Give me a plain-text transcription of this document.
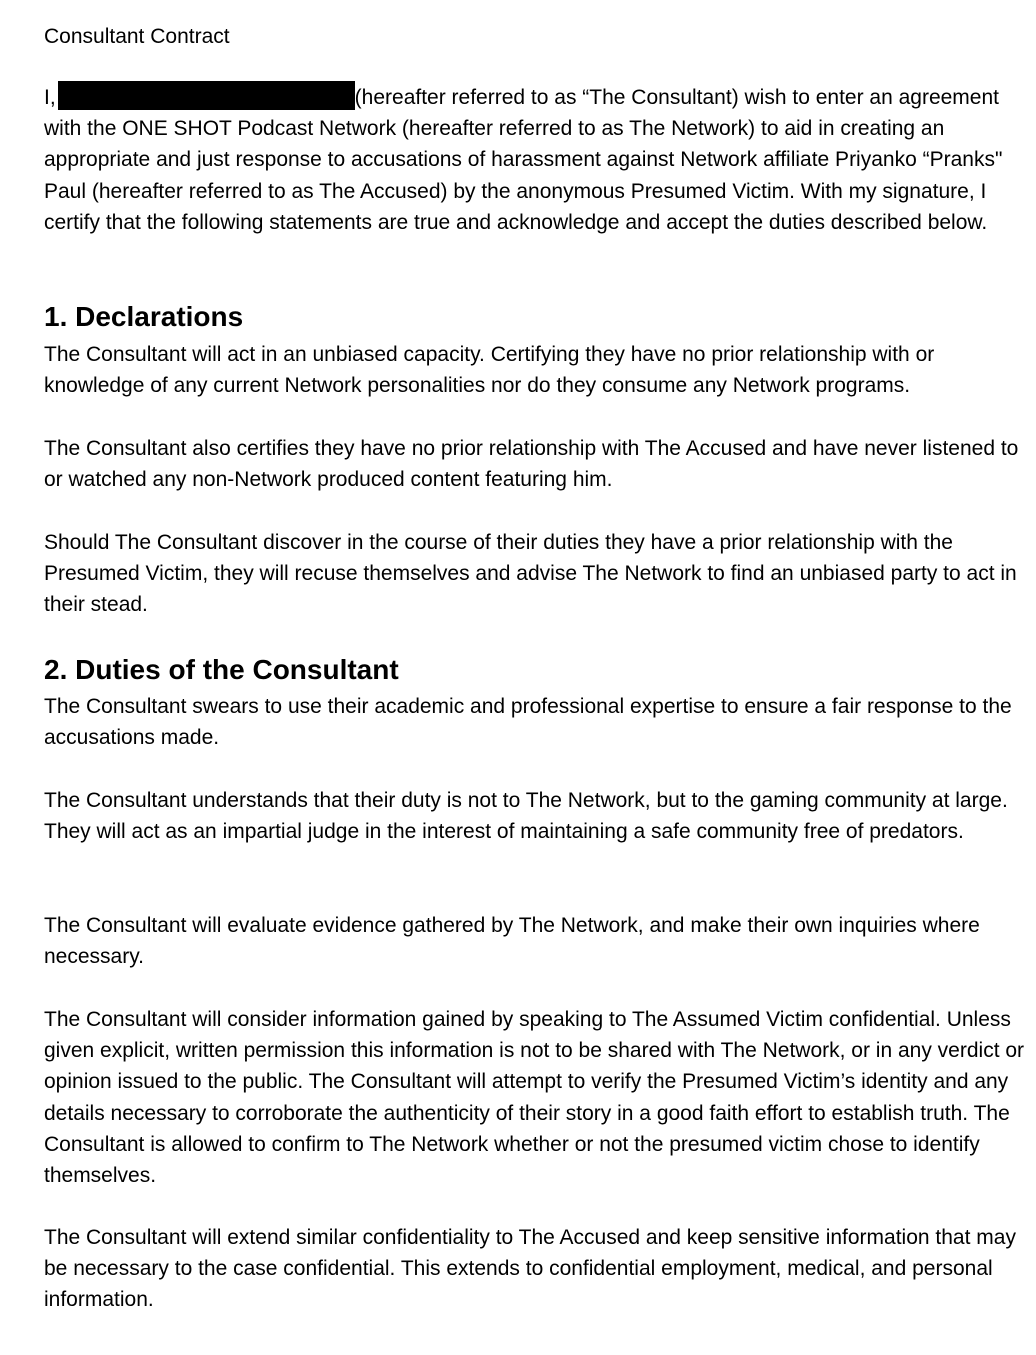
Consultant Contract

I,	(hereafter referred to as “The Consultant) wish to enter an agreement with the ONE SHOT Podcast Network (hereafter referred to as The Network) to aid in creating an appropriate and just response to accusations of harassment against Network affiliate Priyanko “Pranks" Paul (hereafter referred to as The Accused) by the anonymous Presumed Victim. With my signature, I certify that the following statements are true and acknowledge and accept the duties described below.

1. Declarations

The Consultant will act in an unbiased capacity. Certifying they have no prior relationship with or knowledge of any current Network personalities nor do they consume any Network programs.

The Consultant also certifies they have no prior relationship with The Accused and have never listened to or watched any non-Network produced content featuring him.

Should The Consultant discover in the course of their duties they have a prior relationship with the Presumed Victim, they will recuse themselves and advise The Network to find an unbiased party to act in their stead.

2. Duties of the Consultant

The Consultant swears to use their academic and professional expertise to ensure a fair response to the accusations made.

The Consultant understands that their duty is not to The Network, but to the gaming community at large. They will act as an impartial judge in the interest of maintaining a safe community free of predators.

The Consultant will evaluate evidence gathered by The Network, and make their own inquiries where necessary.

The Consultant will consider information gained by speaking to The Assumed Victim confidential. Unless given explicit, written permission this information is not to be shared with The Network, or in any verdict or opinion issued to the public. The Consultant will attempt to verify the Presumed Victim’s identity and any details necessary to corroborate the authenticity of their story in a good faith effort to establish truth. The Consultant is allowed to confirm to The Network whether or not the presumed victim chose to identify themselves.

The Consultant will extend similar confidentiality to The Accused and keep sensitive information that may be necessary to the case confidential. This extends to confidential employment, medical, and personal information.
